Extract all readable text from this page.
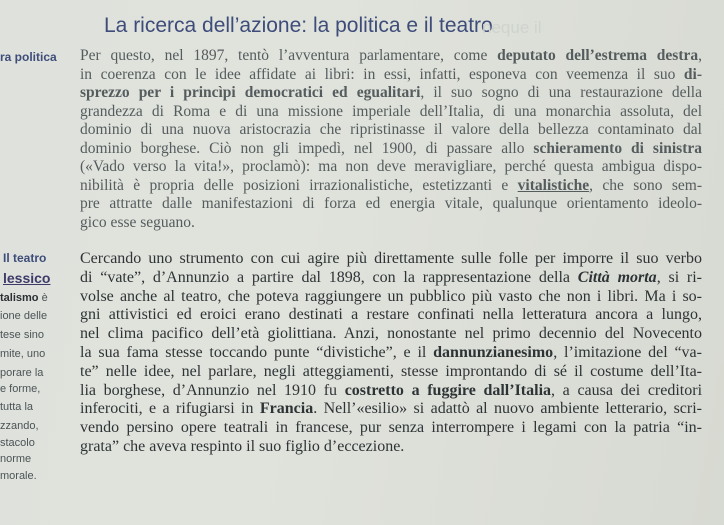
La ricerca dell’azione: la politica e il teatro
neque il
ra politica
Il teatro
lessico
talismo è
ione delle
tese sino
mite, uno
porare la
e forme,
tutta la
zzando,
stacolo
norme
morale.
Per questo, nel 1897, tentò l’avventura parlamentare, come deputato dell’estrema destra,
in coerenza con le idee affidate ai libri: in essi, infatti, esponeva con veemenza il suo di-
sprezzo per i princìpi democratici ed egualitari, il suo sogno di una restaurazione della
grandezza di Roma e di una missione imperiale dell’Italia, di una monarchia assoluta, del
dominio di una nuova aristocrazia che ripristinasse il valore della bellezza contaminato dal
dominio borghese. Ciò non gli impedì, nel 1900, di passare allo schieramento di sinistra
(«Vado verso la vita!», proclamò): ma non deve meravigliare, perché questa ambigua dispo-
nibilità è propria delle posizioni irrazionalistiche, estetizzanti e vitalistiche, che sono sem-
pre attratte dalle manifestazioni di forza ed energia vitale, qualunque orientamento ideolo-
gico esse seguano.
Cercando uno strumento con cui agire più direttamente sulle folle per imporre il suo verbo
di “vate”, d’Annunzio a partire dal 1898, con la rappresentazione della Città morta, si ri-
volse anche al teatro, che poteva raggiungere un pubblico più vasto che non i libri. Ma i so-
gni attivistici ed eroici erano destinati a restare confinati nella letteratura ancora a lungo,
nel clima pacifico dell’età giolittiana. Anzi, nonostante nel primo decennio del Novecento
la sua fama stesse toccando punte “divistiche”, e il dannunzianesimo, l’imitazione del “va-
te” nelle idee, nel parlare, negli atteggiamenti, stesse improntando di sé il costume dell’Ita-
lia borghese, d’Annunzio nel 1910 fu costretto a fuggire dall’Italia, a causa dei creditori
inferociti, e a rifugiarsi in Francia. Nell’«esilio» si adattò al nuovo ambiente letterario, scri-
vendo persino opere teatrali in francese, pur senza interrompere i legami con la patria “in-
grata” che aveva respinto il suo figlio d’eccezione.
